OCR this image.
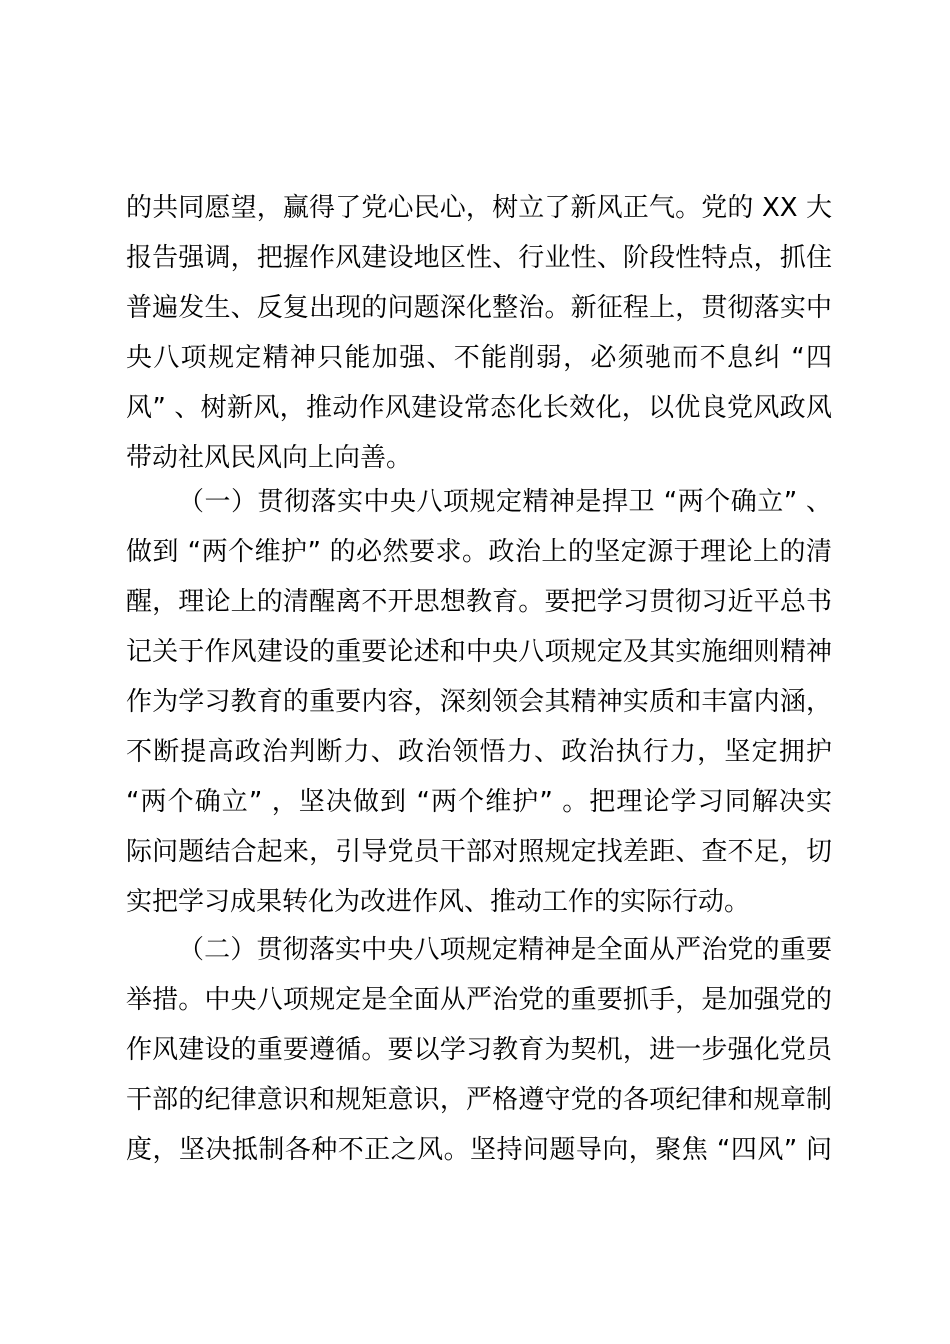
的共同愿望，赢得了党心民心，树立了新风正气。党的 XX 大
报告强调，把握作风建设地区性、行业性、阶段性特点，抓住
普遍发生、反复出现的问题深化整治。新征程上，贯彻落实中
央八项规定精神只能加强、不能削弱，必须驰而不息纠 “四
风” 、树新风，推动作风建设常态化长效化，以优良党风政风
带动社风民风向上向善。
（一）贯彻落实中央八项规定精神是捍卫 “两个确立” 、
做到 “两个维护” 的必然要求。政治上的坚定源于理论上的清
醒，理论上的清醒离不开思想教育。要把学习贯彻习近平总书
记关于作风建设的重要论述和中央八项规定及其实施细则精神
作为学习教育的重要内容，深刻领会其精神实质和丰富内涵，
不断提高政治判断力、政治领悟力、政治执行力，坚定拥护
“两个确立” ，坚决做到 “两个维护” 。把理论学习同解决实
际问题结合起来，引导党员干部对照规定找差距、查不足，切
实把学习成果转化为改进作风、推动工作的实际行动。
（二）贯彻落实中央八项规定精神是全面从严治党的重要
举措。中央八项规定是全面从严治党的重要抓手，是加强党的
作风建设的重要遵循。要以学习教育为契机，进一步强化党员
干部的纪律意识和规矩意识，严格遵守党的各项纪律和规章制
度，坚决抵制各种不正之风。坚持问题导向，聚焦 “四风” 问
